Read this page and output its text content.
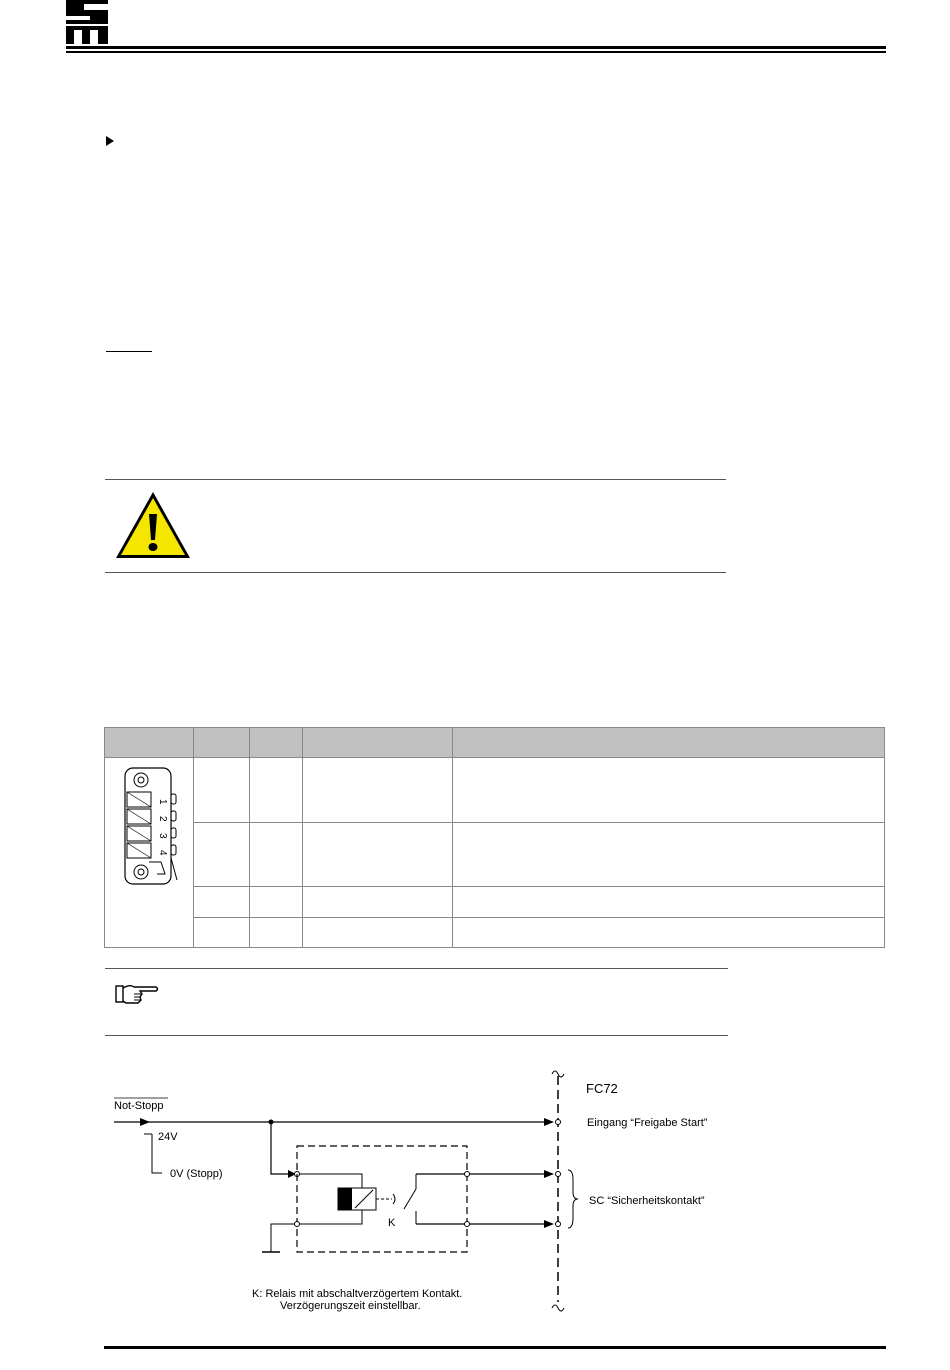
1
2
3
4				

FC72
Not-Stopp
Eingang “Freigabe Start”
24V
0V (Stopp)
K
SC “Sicherheitskontakt”
K: Relais mit abschaltverzögertem Kontakt.
Verzögerungszeit einstellbar.
